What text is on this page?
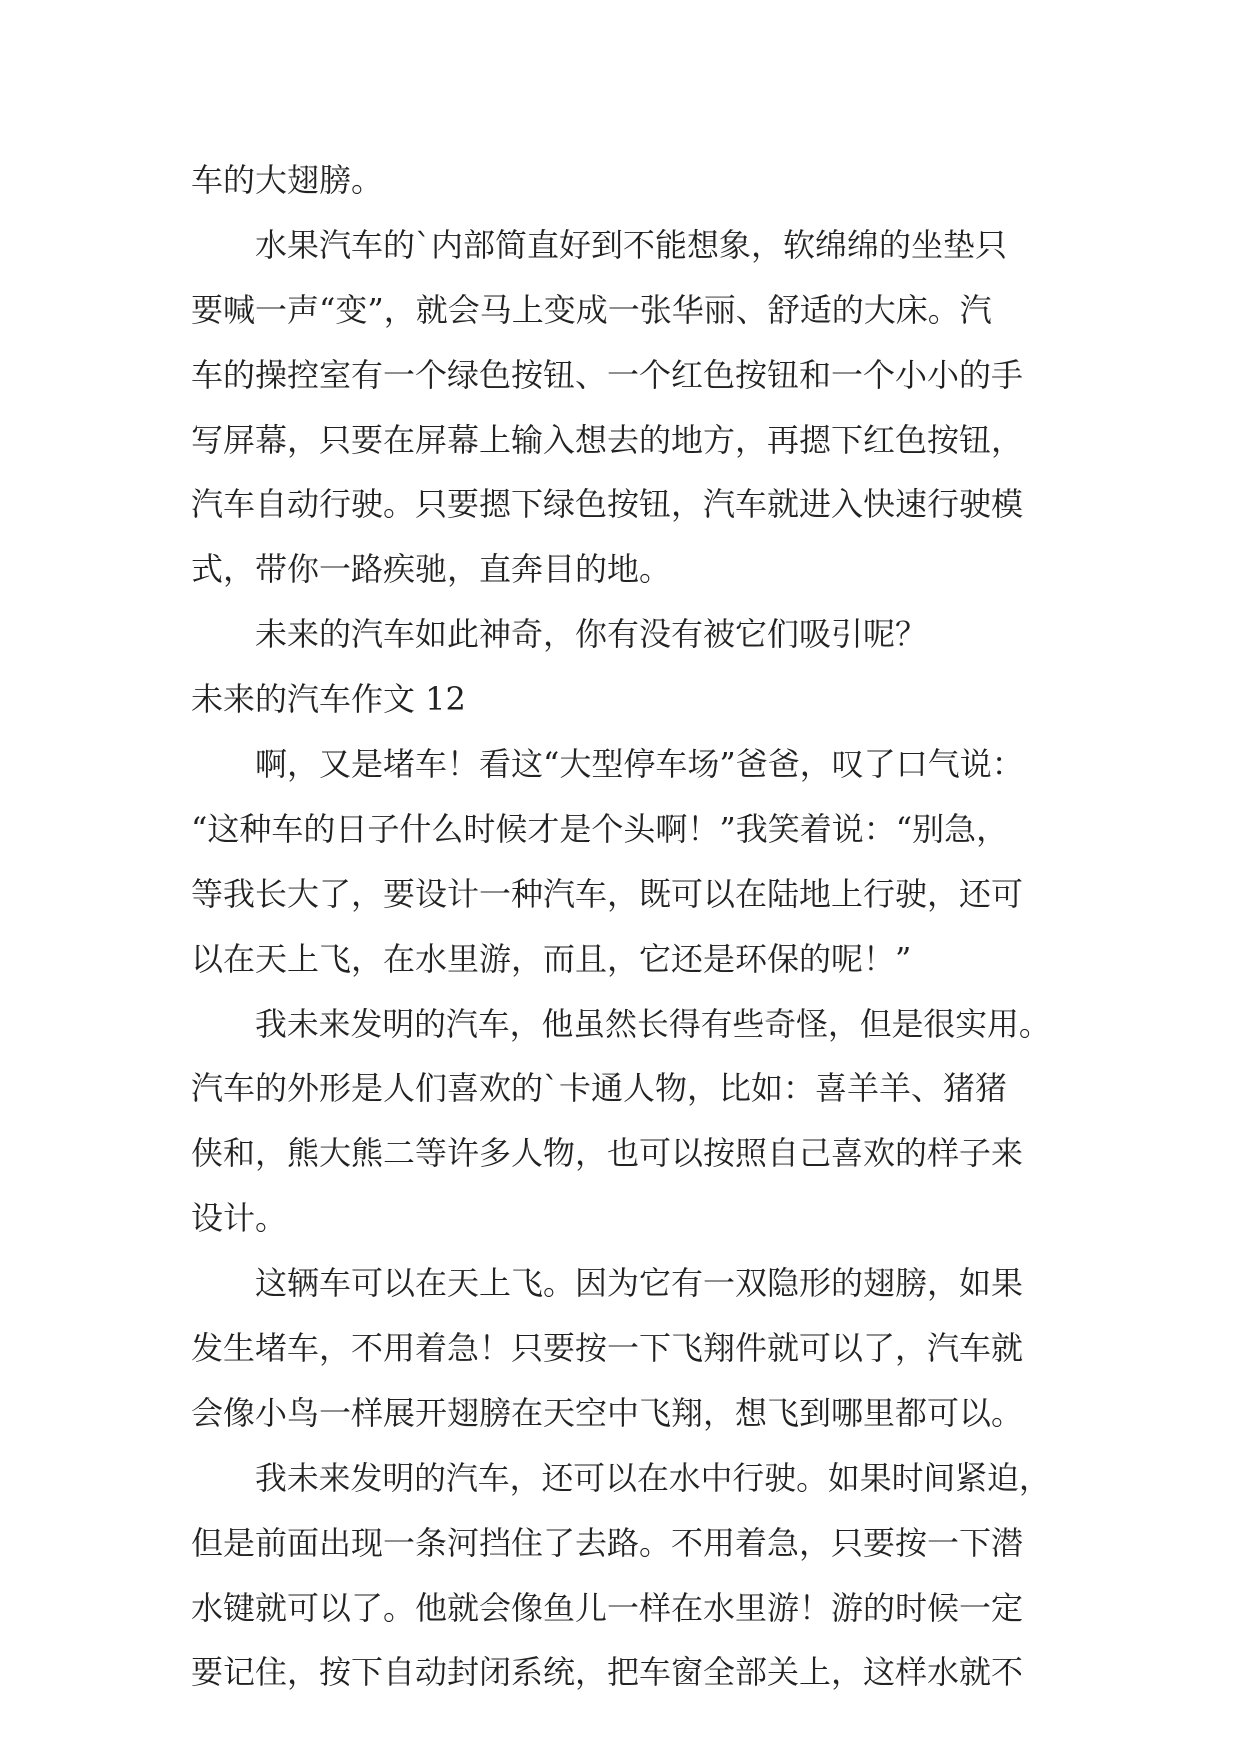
车的大翅膀。
水果汽车的`内部简直好到不能想象，软绵绵的坐垫只
要喊一声“变”，就会马上变成一张华丽、舒适的大床。汽
车的操控室有一个绿色按钮、一个红色按钮和一个小小的手
写屏幕，只要在屏幕上输入想去的地方，再摁下红色按钮，
汽车自动行驶。只要摁下绿色按钮，汽车就进入快速行驶模
式，带你一路疾驰，直奔目的地。
未来的汽车如此神奇，你有没有被它们吸引呢？
未来的汽车作文 12
啊，又是堵车！看这“大型停车场”爸爸，叹了口气说：
“这种车的日子什么时候才是个头啊！”我笑着说：“别急，
等我长大了，要设计一种汽车，既可以在陆地上行驶，还可
以在天上飞，在水里游，而且，它还是环保的呢！”
我未来发明的汽车，他虽然长得有些奇怪，但是很实用。
汽车的外形是人们喜欢的`卡通人物，比如：喜羊羊、猪猪
侠和，熊大熊二等许多人物，也可以按照自己喜欢的样子来
设计。
这辆车可以在天上飞。因为它有一双隐形的翅膀，如果
发生堵车，不用着急！只要按一下飞翔件就可以了，汽车就
会像小鸟一样展开翅膀在天空中飞翔，想飞到哪里都可以。
我未来发明的汽车，还可以在水中行驶。如果时间紧迫，
但是前面出现一条河挡住了去路。不用着急，只要按一下潜
水键就可以了。他就会像鱼儿一样在水里游！游的时候一定
要记住，按下自动封闭系统，把车窗全部关上，这样水就不
